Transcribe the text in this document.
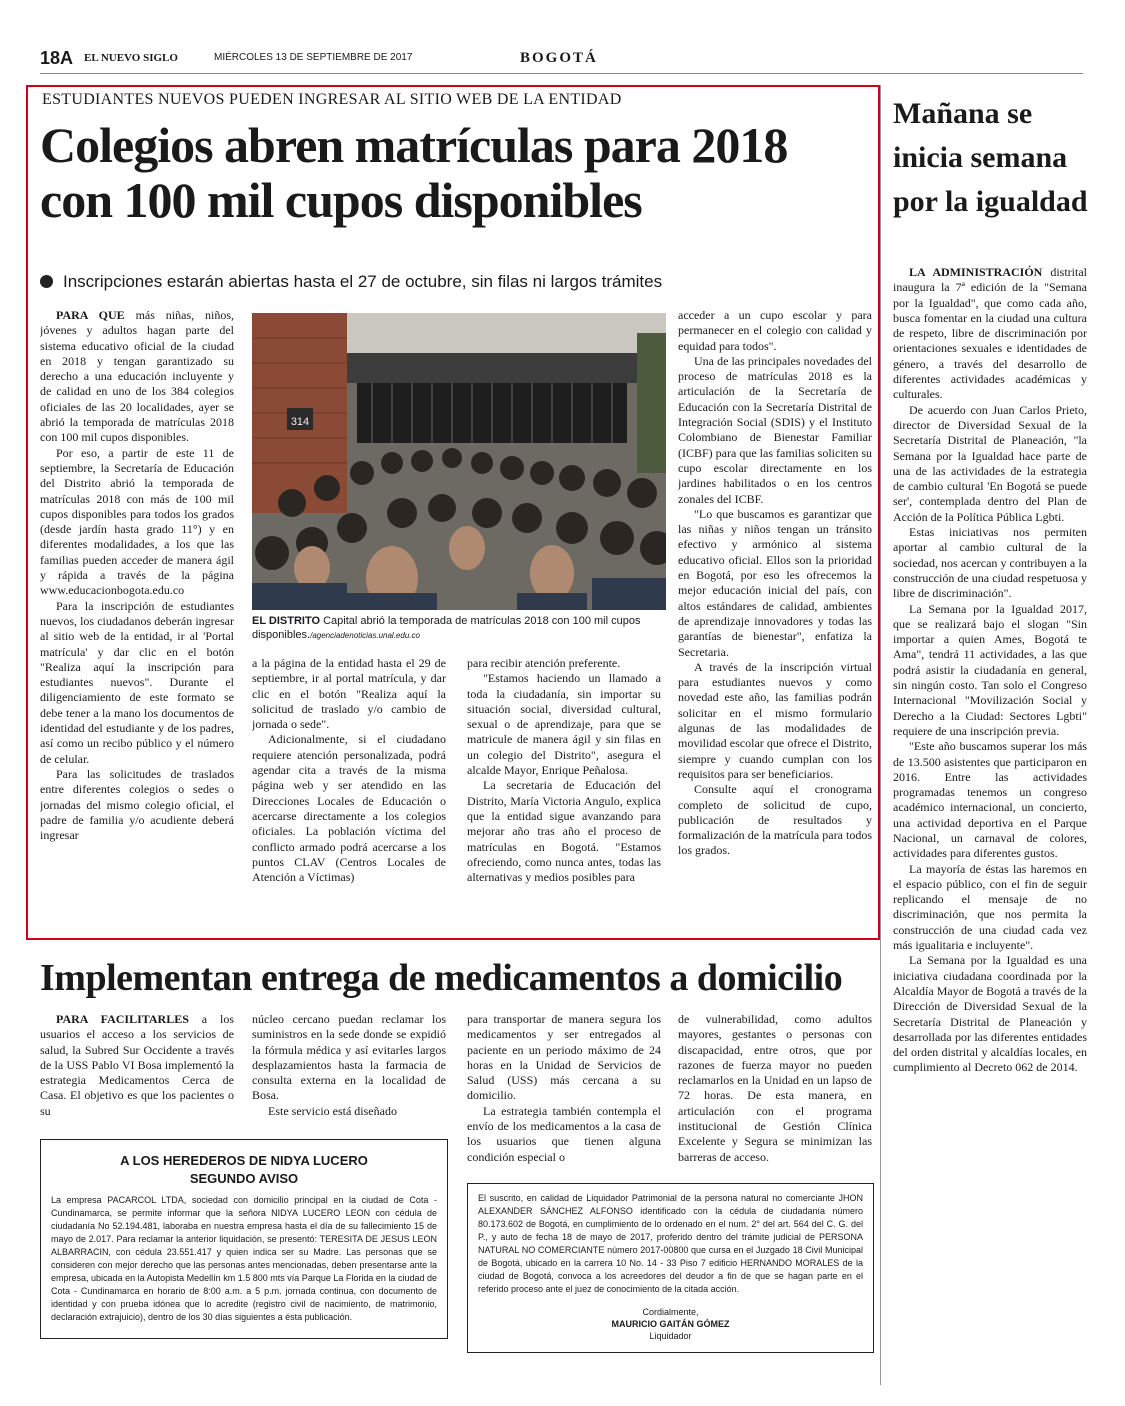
18A EL NUEVO SIGLO	MIÉRCOLES 13 DE SEPTIEMBRE DE 2017	BOGOTÁ
ESTUDIANTES NUEVOS PUEDEN INGRESAR AL SITIO WEB DE LA ENTIDAD
Colegios abren matrículas para 2018 con 100 mil cupos disponibles
Inscripciones estarán abiertas hasta el 27 de octubre, sin filas ni largos trámites

PARA QUE más niñas, niños, jóvenes y adultos hagan parte del sistema educativo oficial de la ciudad en 2018 y tengan garantizado su derecho a una educación incluyente y de calidad en uno de los 384 colegios oficiales de las 20 localidades, ayer se abrió la temporada de matrículas 2018 con 100 mil cupos disponibles.

Por eso, a partir de este 11 de septiembre, la Secretaría de Educación del Distrito abrió la temporada de matrículas 2018 con más de 100 mil cupos disponibles para todos los grados (desde jardín hasta grado 11°) y en diferentes modalidades, a los que las familias pueden acceder de manera ágil y rápida a través de la página www.educacionbogota.edu.co

Para la inscripción de estudiantes nuevos, los ciudadanos deberán ingresar al sitio web de la entidad, ir al 'Portal matrícula' y dar clic en el botón "Realiza aquí la inscripción para estudiantes nuevos". Durante el diligenciamiento de este formato se debe tener a la mano los documentos de identidad del estudiante y de los padres, así como un recibo público y el número de celular.

Para las solicitudes de traslados entre diferentes colegios o sedes o jornadas del mismo colegio oficial, el padre de familia y/o acudiente deberá ingresar

314
EL DISTRITO Capital abrió la temporada de matrículas 2018 con 100 mil cupos disponibles./agenciadenoticias.unal.edu.co

a la página de la entidad hasta el 29 de septiembre, ir al portal matrícula, y dar clic en el botón "Realiza aquí la solicitud de traslado y/o cambio de jornada o sede".

Adicionalmente, si el ciudadano requiere atención personalizada, podrá agendar cita a través de la misma página web y ser atendido en las Direcciones Locales de Educación o acercarse directamente a los colegios oficiales. La población víctima del conflicto armado podrá acercarse a los puntos CLAV (Centros Locales de Atención a Víctimas)

para recibir atención preferente.

"Estamos haciendo un llamado a toda la ciudadanía, sin importar su situación social, diversidad cultural, sexual o de aprendizaje, para que se matricule de manera ágil y sin filas en un colegio del Distrito", asegura el alcalde Mayor, Enrique Peñalosa.

La secretaria de Educación del Distrito, María Victoria Angulo, explica que la entidad sigue avanzando para mejorar año tras año el proceso de matrículas en Bogotá. "Estamos ofreciendo, como nunca antes, todas las alternativas y medios posibles para

acceder a un cupo escolar y para permanecer en el colegio con calidad y equidad para todos".

Una de las principales novedades del proceso de matrículas 2018 es la articulación de la Secretaría de Educación con la Secretaría Distrital de Integración Social (SDIS) y el Instituto Colombiano de Bienestar Familiar (ICBF) para que las familias soliciten su cupo escolar directamente en los jardines habilitados o en los centros zonales del ICBF.

"Lo que buscamos es garantizar que las niñas y niños tengan un tránsito efectivo y armónico al sistema educativo oficial. Ellos son la prioridad en Bogotá, por eso les ofrecemos la mejor educación inicial del país, con altos estándares de calidad, ambientes de aprendizaje innovadores y todas las garantías de bienestar", enfatiza la Secretaria.

A través de la inscripción virtual para estudiantes nuevos y como novedad este año, las familias podrán solicitar en el mismo formulario algunas de las modalidades de movilidad escolar que ofrece el Distrito, siempre y cuando cumplan con los requisitos para ser beneficiarios.

Consulte aquí el cronograma completo de solicitud de cupo, publicación de resultados y formalización de la matrícula para todos los grados.

Mañana se inicia semana por la igualdad

LA ADMINISTRACIÓN distrital inaugura la 7ª edición de la "Semana por la Igualdad", que como cada año, busca fomentar en la ciudad una cultura de respeto, libre de discriminación por orientaciones sexuales e identidades de género, a través del desarrollo de diferentes actividades académicas y culturales.

De acuerdo con Juan Carlos Prieto, director de Diversidad Sexual de la Secretaría Distrital de Planeación, "la Semana por la Igualdad hace parte de una de las actividades de la estrategia de cambio cultural 'En Bogotá se puede ser', contemplada dentro del Plan de Acción de la Política Pública Lgbti.

Estas iniciativas nos permiten aportar al cambio cultural de la sociedad, nos acercan y contribuyen a la construcción de una ciudad respetuosa y libre de discriminación".

La Semana por la Igualdad 2017, que se realizará bajo el slogan "Sin importar a quien Ames, Bogotá te Ama", tendrá 11 actividades, a las que podrá asistir la ciudadanía en general, sin ningún costo. Tan solo el Congreso Internacional "Movilización Social y Derecho a la Ciudad: Sectores Lgbti" requiere de una inscripción previa.

"Este año buscamos superar los más de 13.500 asistentes que participaron en 2016. Entre las actividades programadas tenemos un congreso académico internacional, un concierto, una actividad deportiva en el Parque Nacional, un carnaval de colores, actividades para diferentes gustos.

La mayoría de éstas las haremos en el espacio público, con el fin de seguir replicando el mensaje de no discriminación, que nos permita la construcción de una ciudad cada vez más igualitaria e incluyente".

La Semana por la Igualdad es una iniciativa ciudadana coordinada por la Alcaldía Mayor de Bogotá a través de la Dirección de Diversidad Sexual de la Secretaría Distrital de Planeación y desarrollada por las diferentes entidades del orden distrital y alcaldías locales, en cumplimiento al Decreto 062 de 2014.

Implementan entrega de medicamentos a domicilio

PARA FACILITARLES a los usuarios el acceso a los servicios de salud, la Subred Sur Occidente a través de la USS Pablo VI Bosa implementó la estrategia Medicamentos Cerca de Casa. El objetivo es que los pacientes o su

núcleo cercano puedan reclamar los suministros en la sede donde se expidió la fórmula médica y así evitarles largos desplazamientos hasta la farmacia de consulta externa en la localidad de Bosa.

Este servicio está diseñado

para transportar de manera segura los medicamentos y ser entregados al paciente en un periodo máximo de 24 horas en la Unidad de Servicios de Salud (USS) más cercana a su domicilio.

La estrategia también contempla el envío de los medicamentos a la casa de los usuarios que tienen alguna condición especial o

de vulnerabilidad, como adultos mayores, gestantes o personas con discapacidad, entre otros, que por razones de fuerza mayor no pueden reclamarlos en la Unidad en un lapso de 72 horas. De esta manera, en articulación con el programa institucional de Gestión Clínica Excelente y Segura se minimizan las barreras de acceso.

A LOS HEREDEROS DE NIDYA LUCERO
SEGUNDO AVISO
La empresa PACARCOL LTDA, sociedad con domicilio principal en la ciudad de Cota - Cundinamarca, se permite informar que la señora NIDYA LUCERO LEON con cédula de ciudadanía No 52.194.481, laboraba en nuestra empresa hasta el día de su fallecimiento 15 de mayo de 2.017. Para reclamar la anterior liquidación, se presentó: TERESITA DE JESUS LEON ALBARRACIN, con cédula 23.551.417 y quien indica ser su Madre. Las personas que se consideren con mejor derecho que las personas antes mencionadas, deben presentarse ante la empresa, ubicada en la Autopista Medellín km 1.5 800 mts vía Parque La Florida en la ciudad de Cota - Cundinamarca en horario de 8:00 a.m. a 5 p.m. jornada continua, con documento de identidad y con prueba idónea que lo acredite (registro civil de nacimiento, de matrimonio, declaración extrajuicio), dentro de los 30 días siguientes a ésta publicación.
El suscrito, en calidad de Liquidador Patrimonial de la persona natural no comerciante JHON ALEXANDER SÁNCHEZ ALFONSO identificado con la cédula de ciudadanía número 80.173.602 de Bogotá, en cumplimiento de lo ordenado en el num. 2° del art. 564 del C. G. del P., y auto de fecha 18 de mayo de 2017, proferido dentro del trámite judicial de PERSONA NATURAL NO COMERCIANTE número 2017-00800 que cursa en el Juzgado 18 Civil Municipal de Bogotá, ubicado en la carrera 10 No. 14 - 33 Piso 7 edificio HERNANDO MORALES de la ciudad de Bogotá, convoca a los acreedores del deudor a fin de que se hagan parte en el referido proceso ante el juez de conocimiento de la citada acción.
Cordialmente,
MAURICIO GAITÁN GÓMEZ
Liquidador
